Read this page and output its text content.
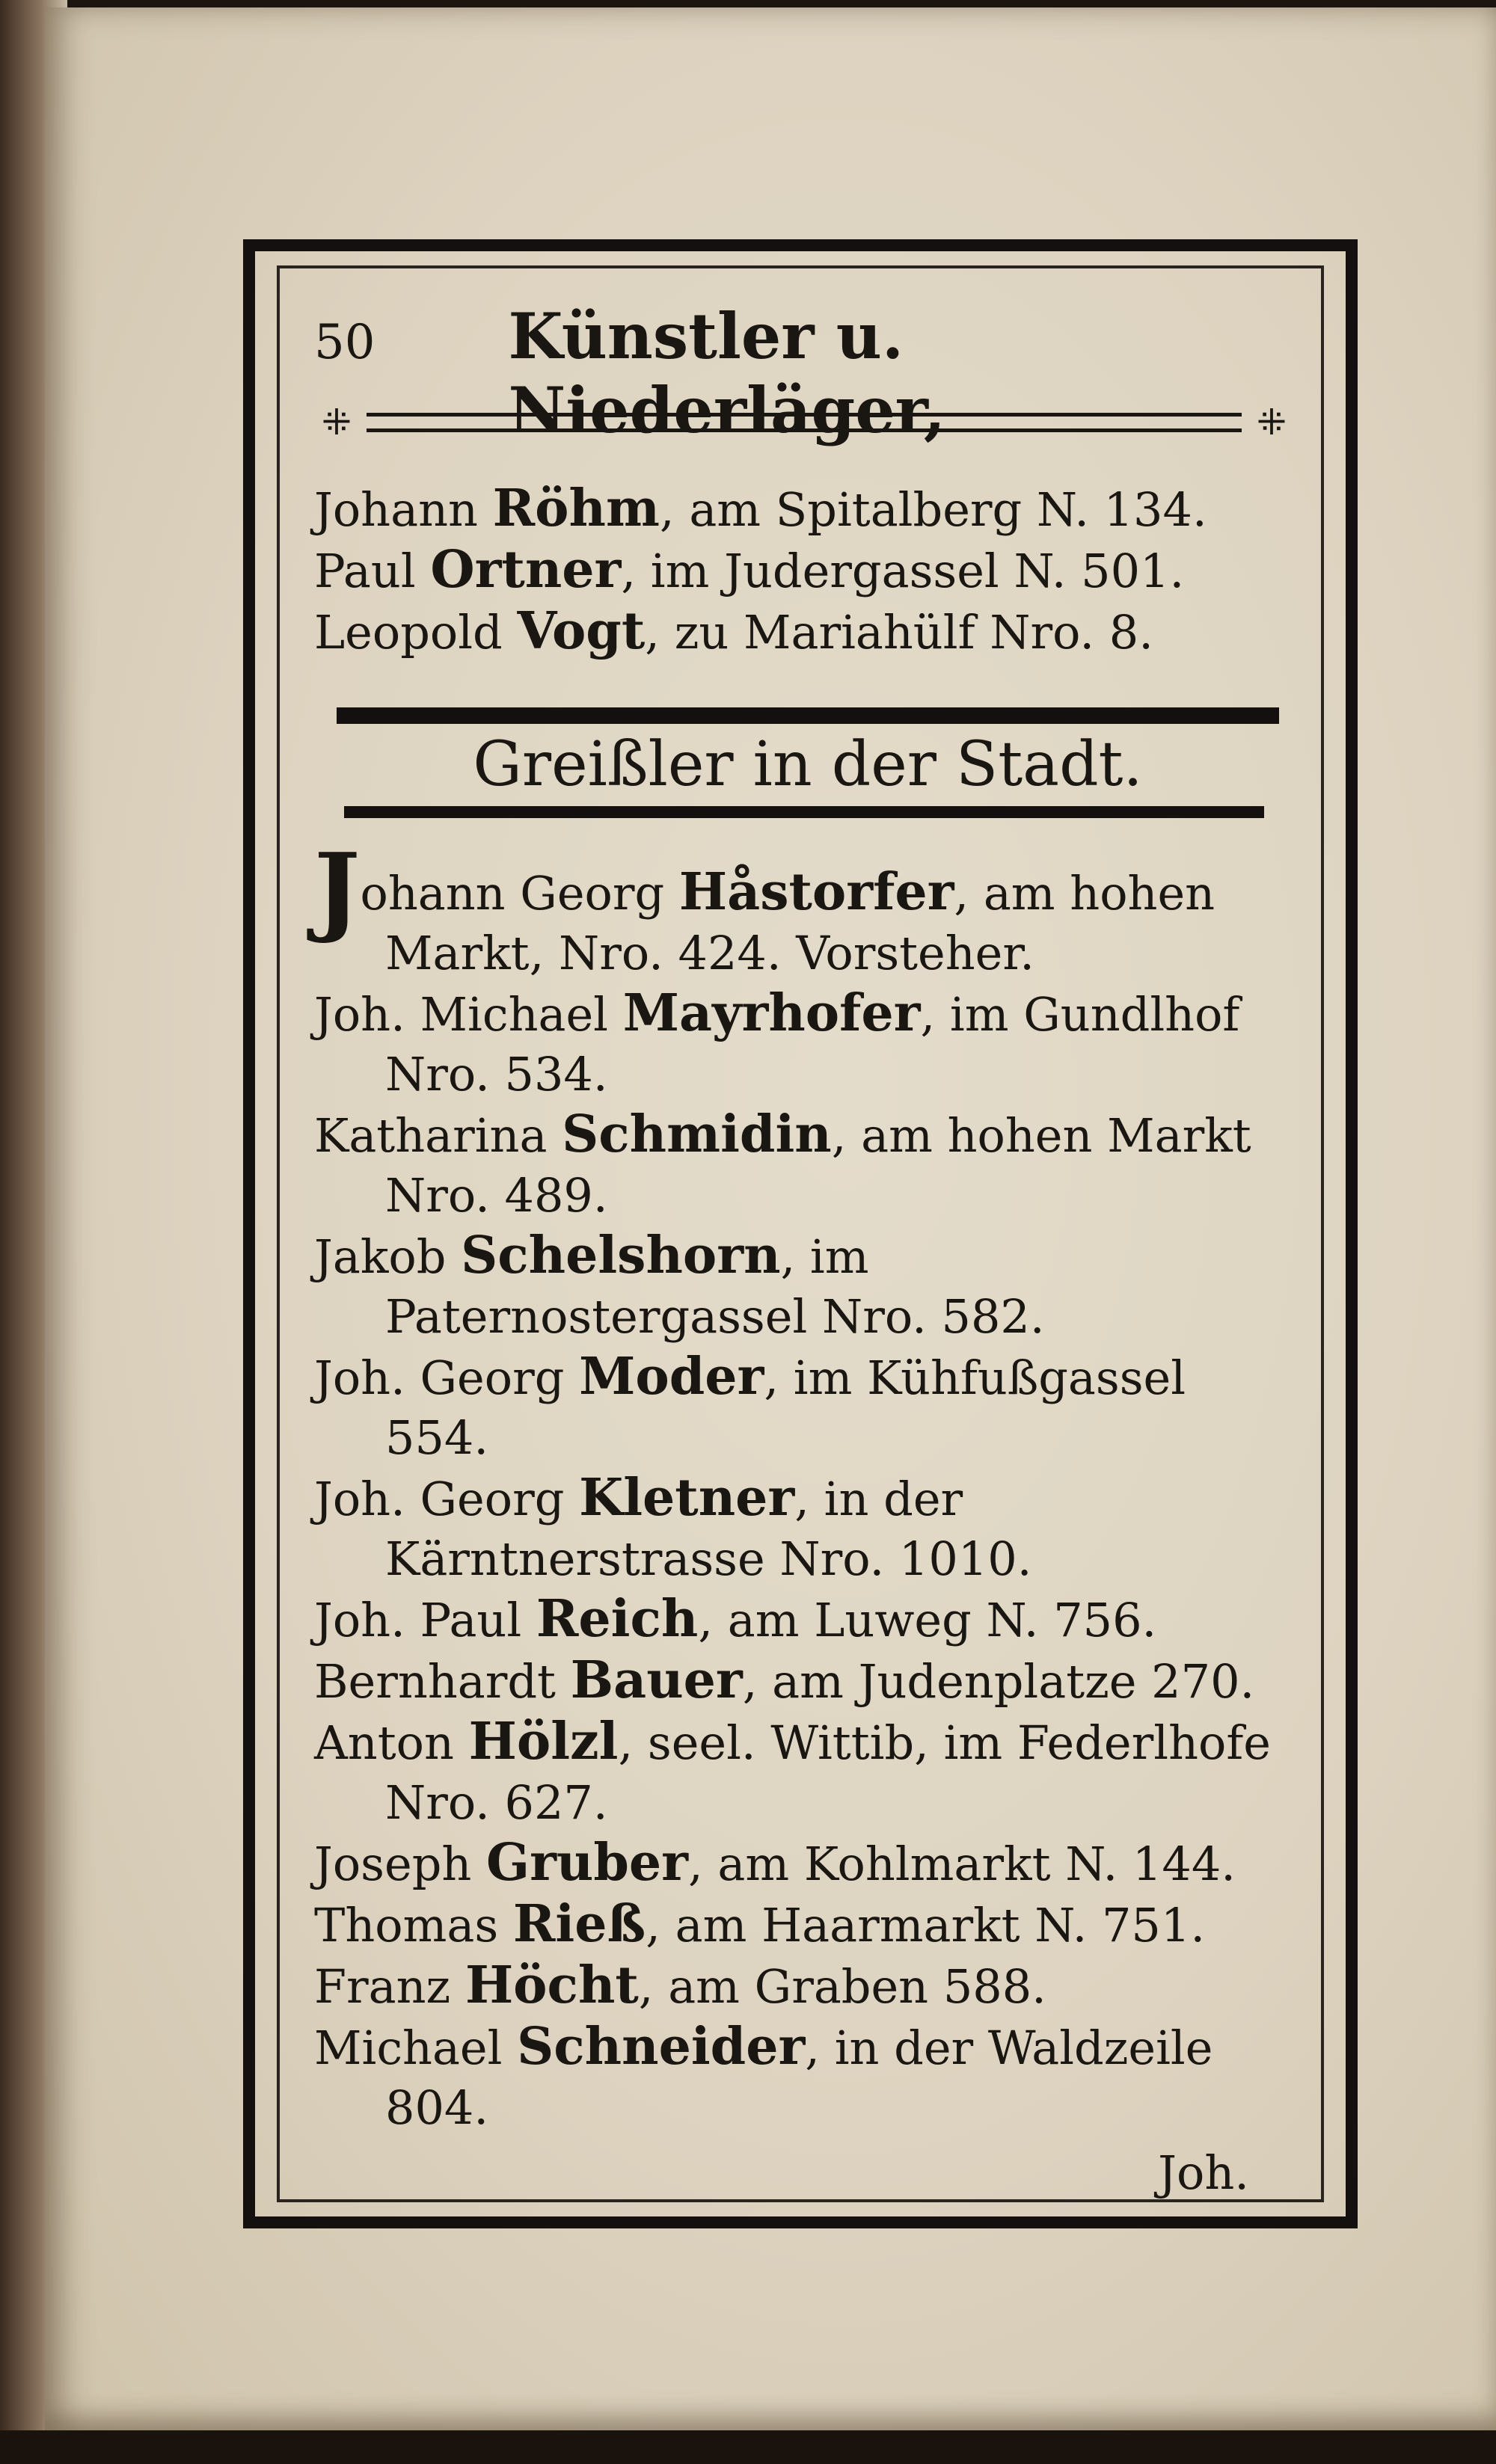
50	Künstler u. Niederläger,
⁜	⁜
Johann Röhm, am Spitalberg N. 134.
Paul Ortner, im Judergassel N. 501.
Leopold Vogt, zu Mariahülf Nro. 8.
Greißler in der Stadt.
Johann Georg Håstorfer, am hohen Markt, Nro. 424. Vorsteher.
Joh. Michael Mayrhofer, im Gundlhof Nro. 534.
Katharina Schmidin, am hohen Markt Nro. 489.
Jakob Schelshorn, im Paternostergassel Nro. 582.
Joh. Georg Moder, im Kühfußgassel 554.
Joh. Georg Kletner, in der Kärntnerstrasse Nro. 1010.
Joh. Paul Reich, am Luweg N. 756.
Bernhardt Bauer, am Judenplatze 270.
Anton Hölzl, seel. Wittib, im Federlhofe Nro. 627.
Joseph Gruber, am Kohlmarkt N. 144.
Thomas Rieß, am Haarmarkt N. 751.
Franz Höcht, am Graben 588.
Michael Schneider, in der Waldzeile 804.
Joh.
